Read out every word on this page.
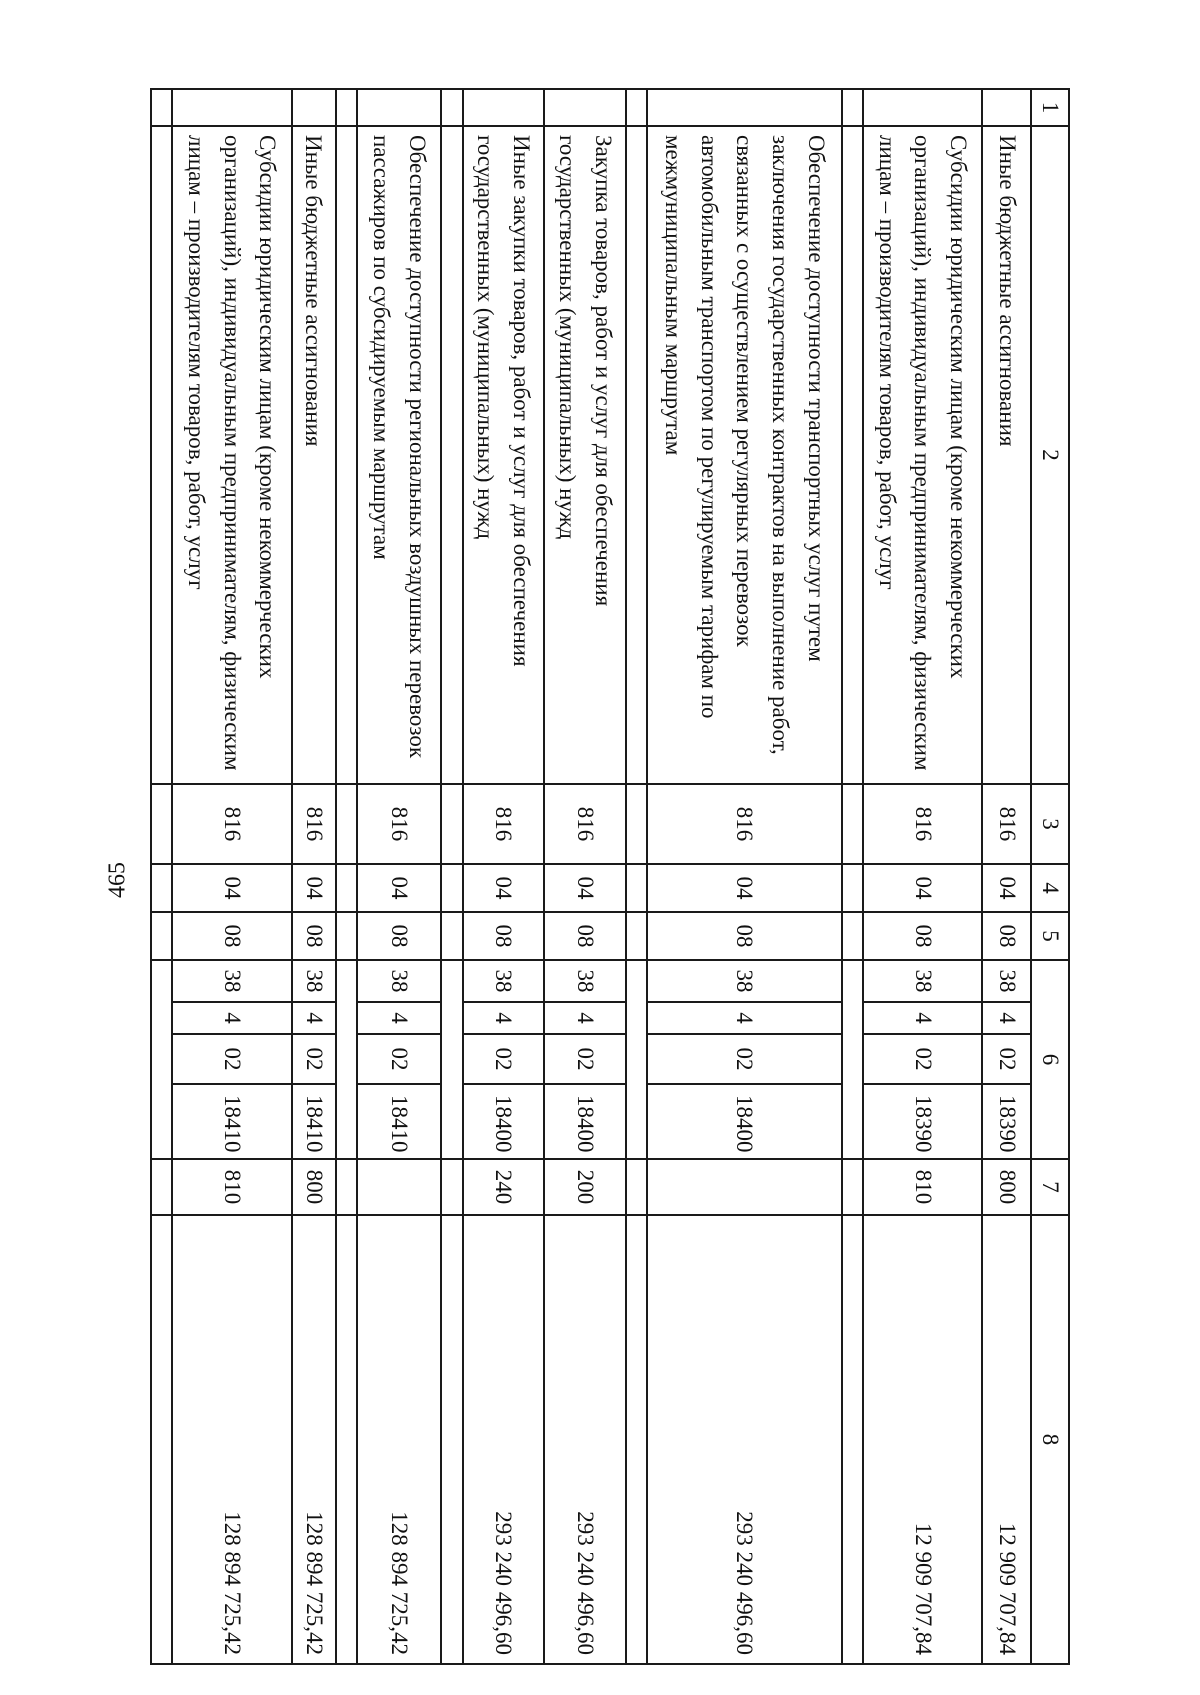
465
1	2	3	4	5	6				7	8
	Иные бюджетные ассигнования	816	04	08	38	4	02	18390	800	12 909 707,84
	Субсидии юридическим лицам (кроме некоммерческих организаций), индивидуальным предпринимателям, физическим лицам – производителям товаров, работ, услуг	816	04	08	38	4	02	18390	810	12 909 707,84

	Обеспечение доступности транспортных услуг путем заключения государственных контрактов на выполнение работ, связанных с осуществлением регулярных перевозок автомобильным транспортом по регулируемым тарифам по межмуниципальным маршрутам	816	04	08	38	4	02	18400		293 240 496,60

	Закупка товаров, работ и услуг для обеспечения государственных (муниципальных) нужд	816	04	08	38	4	02	18400	200	293 240 496,60
	Иные закупки товаров, работ и услуг для обеспечения государственных (муниципальных) нужд	816	04	08	38	4	02	18400	240	293 240 496,60

	Обеспечение доступности региональных воздушных перевозок пассажиров по субсидируемым маршрутам	816	04	08	38	4	02	18410		128 894 725,42

	Иные бюджетные ассигнования	816	04	08	38	4	02	18410	800	128 894 725,42
	Субсидии юридическим лицам (кроме некоммерческих организаций), индивидуальным предпринимателям, физическим лицам – производителям товаров, работ, услуг	816	04	08	38	4	02	18410	810	128 894 725,42
